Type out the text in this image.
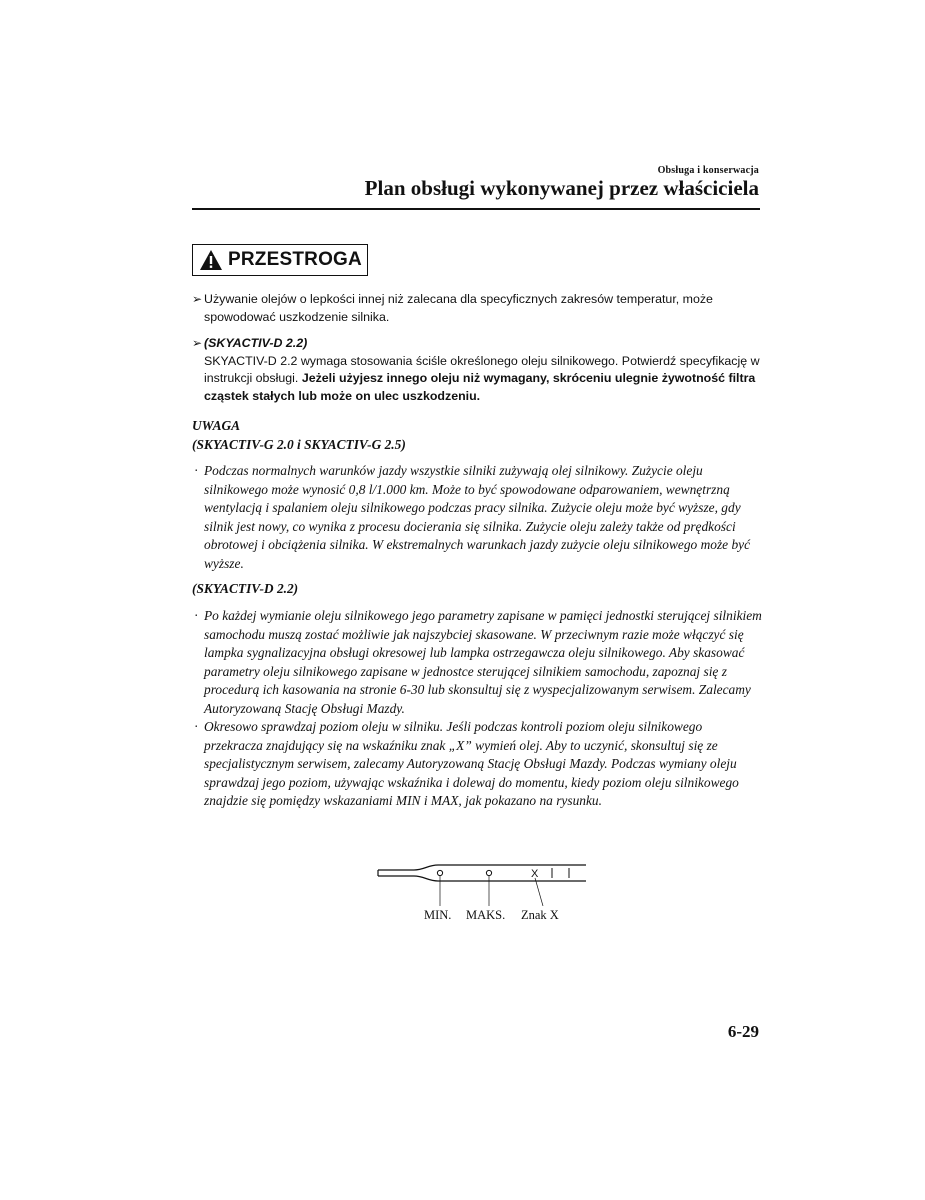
Obsługa i konserwacja
Plan obsługi wykonywanej przez właściciela
PRZESTROGA
➢ Używanie olejów o lepkości innej niż zalecana dla specyficznych zakresów temperatur, może spowodować uszkodzenie silnika.
➢ (SKYACTIV-D 2.2)
SKYACTIV-D 2.2 wymaga stosowania ściśle określonego oleju silnikowego. Potwierdź specyfikację w instrukcji obsługi. Jeżeli użyjesz innego oleju niż wymagany, skróceniu ulegnie żywotność filtra cząstek stałych lub może on ulec uszkodzeniu.
UWAGA
(SKYACTIV-G 2.0 i SKYACTIV-G 2.5)
· Podczas normalnych warunków jazdy wszystkie silniki zużywają olej silnikowy. Zużycie oleju silnikowego może wynosić 0,8 l/1.000 km. Może to być spowodowane odparowaniem, wewnętrzną wentylacją i spalaniem oleju silnikowego podczas pracy silnika. Zużycie oleju może być wyższe, gdy silnik jest nowy, co wynika z procesu docierania się silnika. Zużycie oleju zależy także od prędkości obrotowej i obciążenia silnika. W ekstremalnych warunkach jazdy zużycie oleju silnikowego może być wyższe.
(SKYACTIV-D 2.2)
· Po każdej wymianie oleju silnikowego jego parametry zapisane w pamięci jednostki sterującej silnikiem samochodu muszą zostać możliwie jak najszybciej skasowane. W przeciwnym razie może włączyć się lampka sygnalizacyjna obsługi okresowej lub lampka ostrzegawcza oleju silnikowego. Aby skasować parametry oleju silnikowego zapisane w jednostce sterującej silnikiem samochodu, zapoznaj się z procedurą ich kasowania na stronie 6-30 lub skonsultuj się z wyspecjalizowanym serwisem. Zalecamy Autoryzowaną Stację Obsługi Mazdy.
· Okresowo sprawdzaj poziom oleju w silniku. Jeśli podczas kontroli poziom oleju silnikowego przekracza znajdujący się na wskaźniku znak „X” wymień olej. Aby to uczynić, skonsultuj się ze specjalistycznym serwisem, zalecamy Autoryzowaną Stację Obsługi Mazdy. Podczas wymiany oleju sprawdzaj jego poziom, używając wskaźnika i dolewaj do momentu, kiedy poziom oleju silnikowego znajdzie się pomiędzy wskazaniami MIN i MAX, jak pokazano na rysunku.
X
MIN. MAKS. Znak X
6-29
